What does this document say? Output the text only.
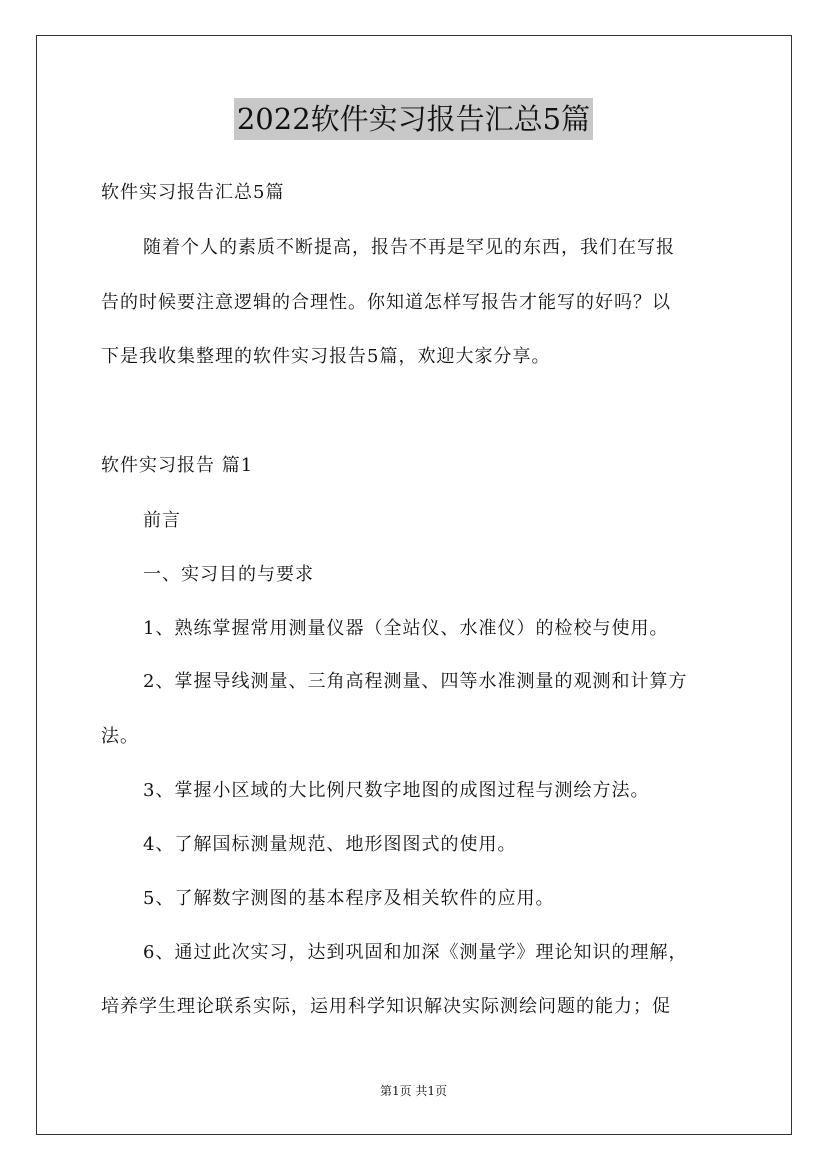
2022软件实习报告汇总5篇
软件实习报告汇总5篇
随着个人的素质不断提高，报告不再是罕见的东西，我们在写报
告的时候要注意逻辑的合理性。你知道怎样写报告才能写的好吗？以
下是我收集整理的软件实习报告5篇，欢迎大家分享。
软件实习报告 篇1
前言
一、实习目的与要求
1、熟练掌握常用测量仪器（全站仪、水准仪）的检校与使用。
2、掌握导线测量、三角高程测量、四等水准测量的观测和计算方
法。
3、掌握小区域的大比例尺数字地图的成图过程与测绘方法。
4、了解国标测量规范、地形图图式的使用。
5、了解数字测图的基本程序及相关软件的应用。
6、通过此次实习，达到巩固和加深《测量学》理论知识的理解，
培养学生理论联系实际，运用科学知识解决实际测绘问题的能力；促
第1页 共1页
